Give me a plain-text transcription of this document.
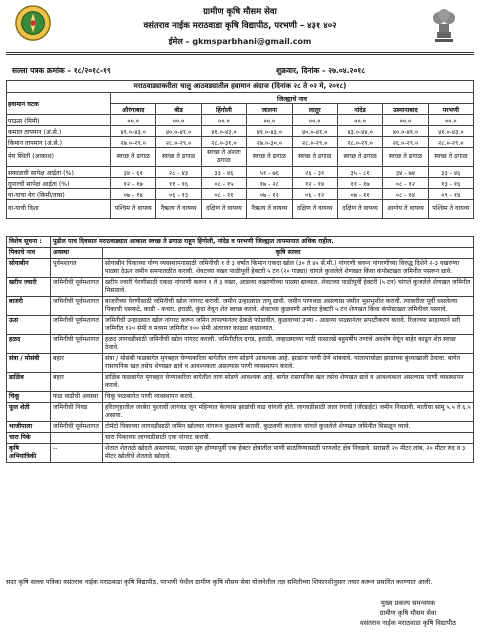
ग्रामीण कृषि मौसम सेवा
वसंतराव नाईक मराठवाडा कृषि विद्यापीठ, परभणी – ४३१ ४०२
ईमेल – gkmsparbhani@gmail.com
सल्ला पत्रक क्रमांक – १८/२०१८-१९	शुक्रवार, दिनांक – २७.०४.२०१८
मराठवाड्याकरीता चालु आठवड्यातील हवामान अंदाज (दिनांक २८ ते ०२ मे, २०१८)								
हवामान घटक	जिल्ह्याचे नाव							
	औरंगाबाद	बीड	हिंगोली	जालना	लातूर	नांदेड	उस्मानाबाद	परभणी
पाऊस (मिमी)	००.०	००.०	००.०	००.०	००.०	००.०	००.०	००.०
कमाल तापमान (अं.से.)	४१.०-४३.०	४०.०-४१.०	४१.०-४३.०	४१.०-४३.०	४०.०-४१.०	४३.०-४४.०	४०.०-४१.०	४१.०-४३.०
किमान तापमान (अं.से.)	२७.०-२९.०	२८.०-२९.०	२८.०-३१.०	२७.०-३०.०	२८.०-२९.०	२८.०-२९.०	२६.०-२९.०	२८.०-२९.०
मेघ स्थिती (आकाश)	स्वच्छ ते ढगाळ	स्वच्छ ते ढगाळ	स्वच्छ ते अंशतः ढगाळ	स्वच्छ ते ढगाळ	स्वच्छ ते ढगाळ	स्वच्छ ते ढगाळ	स्वच्छ ते ढगाळ	स्वच्छ ते ढगाळ
सकाळची सापेक्ष आर्द्रता (%)	३४ - ६१	२८ - ४३	३३ - ४६	५१ - ७६	२६ - ३१	३५ - ८१	३४ - ७४	३३ - ४६
दुपारची सापेक्ष आर्द्रता (%)	१२ - १७	११ - १६	०८ - १५	१७ - २८	१२ - १४	११ - १७	०८ - १२	१३ - १६
वा-याचा वेग (किमी/तास)	०७ - १४	०६ - १३	०८ - ११	०७ - १२	०६ - १२	०७ - ११	०८ - १४	०९ - १४
वा-याची दिशा	पश्चिम ते वायव्य	नैऋत्य ते वायव्य	दक्षिण ते वायव्य	नैऋत्य ते वायव्य	दक्षिण ते वायव्य	दक्षिण ते वायव्य	आग्नेय ते वायव्य	पश्चिम ते वायव्य
विशेष सूचना :	पुढील पाच दिवसात मराठवाड्यात आकाश स्वच्छ ते ढगाळ राहून हिंगोली, नांदेड व परभणी जिल्ह्यात तापमानात अधिक राहील.	
पिकाचे नाव	अवस्था	कृषि सल्ला
सोयाबीन	पूर्वमशागत	सोयाबीन पिकाच्या योग्य व्यवस्थापनासाठी जमिनीची १ ते ३ वर्षांत किमान एकदा खोल (३० ते ४५ सें.मी.) नांगरणी करून नांगरणीच्या विरुद्ध दिशेने २-३ वखरण्या पाळ्या देऊन जमीन समपातळीत करावी. शेवटच्या वखर पाळीपूर्वी हेक्टरी ५ टन (२० गाड्या) चांगले कुजलेले शेणखत किंवा कंपोस्टखत जमिनीत पसरून द्यावे.
खरीप ज्वारी	जमिनीची पूर्वमशागत	खरीप ज्वारी पेरणीसाठी एकदा नांगरणी करून १ ते ३ वखर, आडव्या वखरणीच्या पाळ्या द्याव्यात. शेवटच्या पाळीपूर्वी हेक्टरी (५ टन) चांगले कुजलेले शेणखत जमिनीत मिसळावे.
बाजरी	जमिनीची पूर्वमशागत	बाजरीच्या पेरणीसाठी जमिनीची खोल नांगरट करावी. जमीन उन्हाळ्यात तापू द्यावी. जमीन पाणथळ असल्यास जमीन भुसभुशीत करावी. त्याकरीता पूर्वी धसलेल्या पिकाची धसकटे, काडी - कचरा, हराळी, कुंदा वेचून शेत स्वच्छ करावे. शेवटच्या कुळवणी अगोदर हेक्टरी ५ टन शेणखत किंवा कंपोस्टखत जमिनीवर पसरावे.
ऊस	जमिनीची पूर्वमशागत	जमिनीची उन्हाळ्यात खोल नांगरट करून जमिन तापल्यानंतर ढेकळे फोडावीत. कुळवाच्या उभ्या - आडव्या पाळ्यानंतर सपाटीकरण करावे. रिजरच्या साहाय्याने सरी जमिनीत १२० सेमी व मध्यम जमिनीत १०० सेमी अंतरावर काढ्या काढाव्यात.
हळद	जमिनीची पूर्वमशागत	हळद लागवडीसाठी जमिनीची खोल नांगरट करावी. जमिनीतील दगड, हराळी, लव्हाळ्याच्या गाठी यासारखे बहुवर्षीय तणांचे अवशेष वेचून बाहेर काढून शेत स्वच्छ ठेवावे.
संत्रा / मोसंबी	बहार	संत्रा / मोसंबी फळबागेत मृगबहार घेण्याकरिता बागेतील ताण सोडणे आवश्यक आहे. झाडांना पाणी देणे थांबवावे. पालापाचोळा झाडाच्या बुंध्याखाली ठेवावा. बागेत रासायनिक खत तसेच शेणखत द्यावे व आवश्यकता असल्यास पाणी व्यवस्थापन करावे.
डाळिंब	बहार	डाळिंब फळबागेत मृगबहार घेण्याकरिता बागेतील ताण सोडणे आवश्यक आहे. बागेत रासायनिक खत तसेच शेणखत द्यावे व आवश्यकता असल्यास पाणी व्यवस्थापन करावे.
चिकू	फळ वाढीची अवस्था	चिकू फळबागेत पाणी व्यवस्थापन करावे.
फूल शेती	जमिनीची निवड	हरितगृहातील जरबेरा फुलाची लागवड जून महिन्यात केल्यास झाडांची वाढ चांगली होते. लागवडीसाठी लाल रंगाची (जॅरडाईट) जमीन निवडावी. मातीचा सामू ५.५ ते ६.५ असावा.
भाजीपाला	जमिनीची पूर्वमशागत	टोमॅटो पिकाच्या लागवडीसाठी जमिन खोलवर नांगरून कुळवणी करावी. कुळवणी करतांना चांगले कुजलेले शेणखत जमिनीत मिसळून घ्यावे.
चारा पिके		चारा पिकाच्या लागवडीसाठी एक नांगरट करावी.
कृषि अभियांत्रिकी	--	शेतात शेततळे खोदले असल्यास, पाळ्या सुरु होण्यापूर्वी एक हेक्टर क्षेत्रातील पाणी साठविण्यासाठी पाणलोट क्षेत्र निवडावे. सरासरी २० मीटर लांब, २० मीटर रुंद व ३ मीटर खोलीचे शेततळे खोदावे.
सदर कृषि सल्ला पत्रिका वसंतराव नाईक मराठवाडा कृषि विद्यापीठ, परभणी येथील ग्रामीण कृषि मौसम सेवा योजनेतील तज्ञ समितीच्या शिफारशीनुसार तयार करून प्रसारित करण्यात आली.
मुख्य प्रकल्प समन्वयक
ग्रामीण कृषि मौसम सेवा
वसंतराव नाईक मराठवाडा कृषि विद्यापीठ
